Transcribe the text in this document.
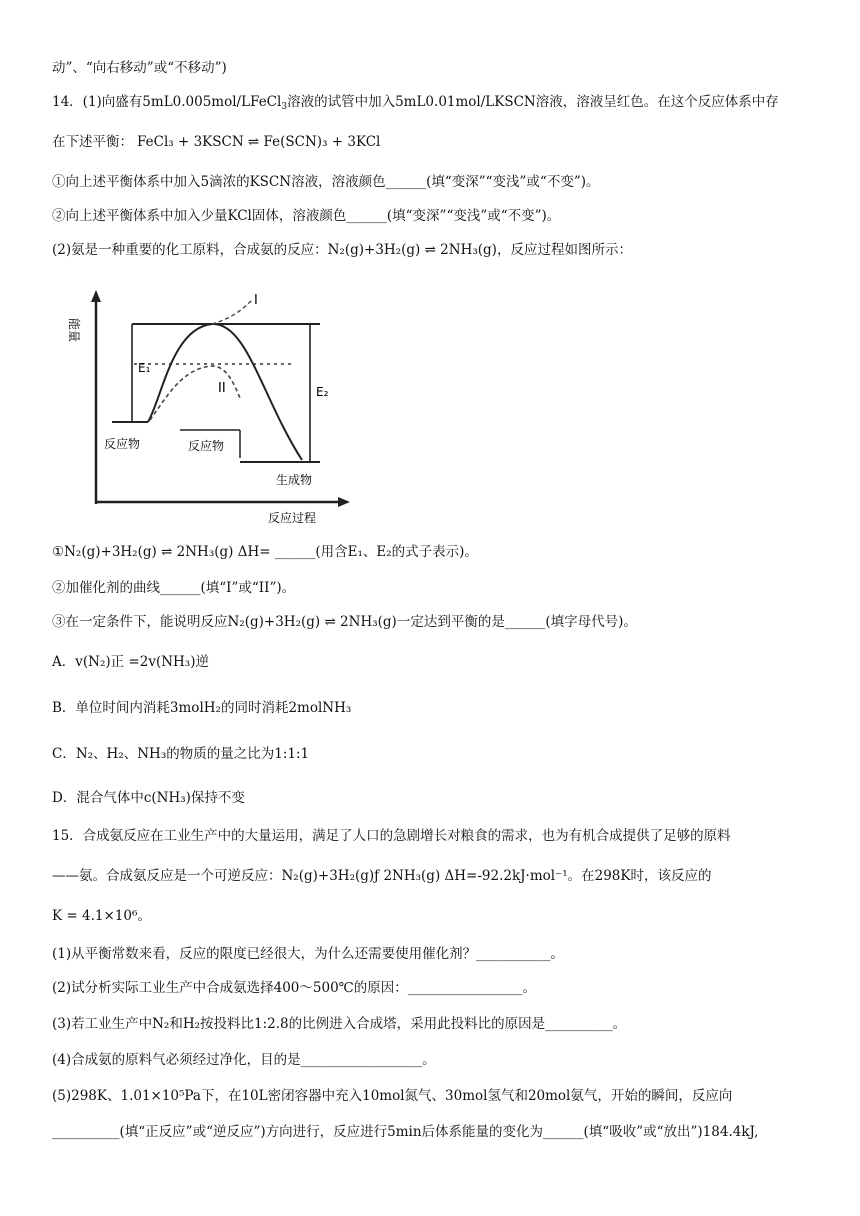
动”、“向右移动”或“不移动”)
14．(1)向盛有5mL0.005mol/LFeCl$_3$溶液的试管中加入5mL0.01mol/LKSCN溶液，溶液呈红色。在这个反应体系中存
在下述平衡： FeCl₃ + 3KSCN ⇌ Fe(SCN)₃ + 3KCl
①向上述平衡体系中加入5滴浓的KSCN溶液，溶液颜色______(填“变深”“变浅”或“不变”)。
②向上述平衡体系中加入少量KCl固体，溶液颜色______(填“变深”“变浅”或“不变”)。
(2)氨是一种重要的化工原料，合成氨的反应：N₂(g)+3H₂(g) ⇌ 2NH₃(g)，反应过程如图所示：
能量
I
II
E₁
E₂
反应物	反应物
生成物
反应过程
①N₂(g)+3H₂(g) ⇌ 2NH₃(g) ΔH= ______(用含E₁、E₂的式子表示)。
②加催化剂的曲线______(填“I”或“II”)。
③在一定条件下，能说明反应N₂(g)+3H₂(g) ⇌ 2NH₃(g)一定达到平衡的是______(填字母代号)。
A．v(N₂)正 =2v(NH₃)逆
B．单位时间内消耗3molH₂的同时消耗2molNH₃
C．N₂、H₂、NH₃的物质的量之比为1:1:1
D．混合气体中c(NH₃)保持不变
15．合成氨反应在工业生产中的大量运用，满足了人口的急剧增长对粮食的需求，也为有机合成提供了足够的原料
——氨。合成氨反应是一个可逆反应：N₂(g)+3H₂(g)ƒ 2NH₃(g) ΔH=-92.2kJ·mol⁻¹。在298K时，该反应的
K = 4.1×10⁶。
(1)从平衡常数来看，反应的限度已经很大，为什么还需要使用催化剂？___________。
(2)试分析实际工业生产中合成氨选择400～500℃的原因：_________________。
(3)若工业生产中N₂和H₂按投料比1:2.8的比例进入合成塔，采用此投料比的原因是__________。
(4)合成氨的原料气必须经过净化，目的是__________________。
(5)298K、1.01×10⁵Pa下，在10L密闭容器中充入10mol氮气、30mol氢气和20mol氨气，开始的瞬间，反应向
__________(填“正反应”或“逆反应”)方向进行，反应进行5min后体系能量的变化为______(填“吸收”或“放出”)184.4kJ,
